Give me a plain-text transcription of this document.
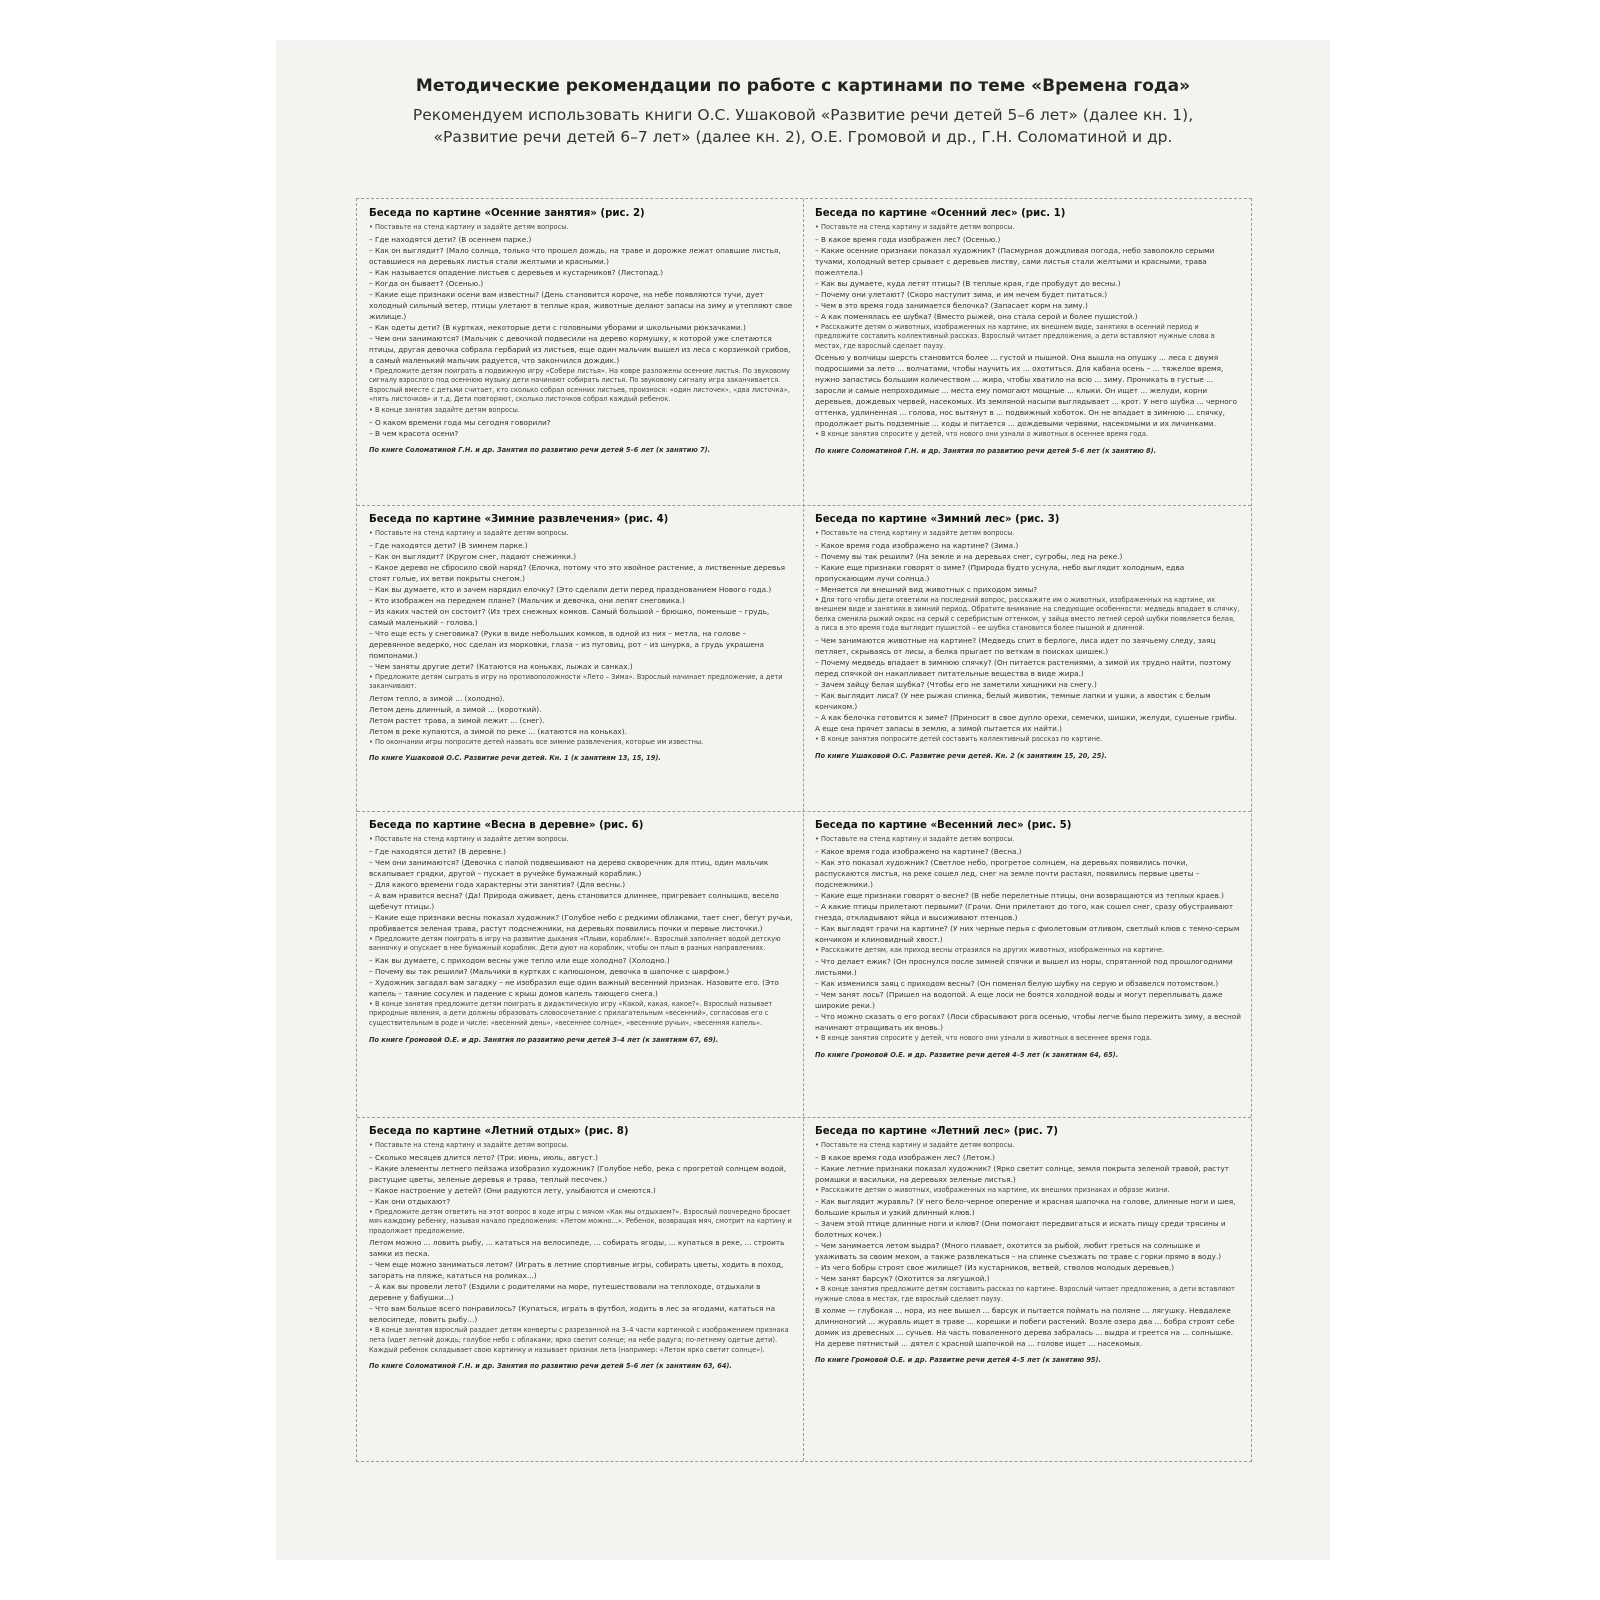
Методические рекомендации по работе с картинами по теме «Времена года»
Рекомендуем использовать книги О.С. Ушаковой «Развитие речи детей 5–6 лет» (далее кн. 1),
«Развитие речи детей 6–7 лет» (далее кн. 2), О.Е. Громовой и др., Г.Н. Соломатиной и др.
Беседа по картине «Осенние занятия» (рис. 2)

• Поставьте на стенд картину и задайте детям вопросы.

– Где находятся дети? (В осеннем парке.)

– Как он выглядит? (Мало солнца, только что прошел дождь, на траве и дорожке лежат опавшие листья, оставшиеся на деревьях листья стали желтыми и красными.)

– Как называется опадение листьев с деревьев и кустарников? (Листопад.)

– Когда он бывает? (Осенью.)

– Какие еще признаки осени вам известны? (День становится короче, на небе появляются тучи, дует холодный сильный ветер, птицы улетают в теплые края, животные делают запасы на зиму и утепляют свое жилище.)

– Как одеты дети? (В куртках, некоторые дети с головными уборами и школьными рюкзачками.)

– Чем они занимаются? (Мальчик с девочкой подвесили на дерево кормушку, к которой уже слетаются птицы, другая девочка собрала гербарий из листьев, еще один мальчик вышел из леса с корзинкой грибов, а самый маленький мальчик радуется, что закончился дождик.)

• Предложите детям поиграть в подвижную игру «Собери листья». На ковре разложены осенние листья. По звуковому сигналу взрослого под осеннюю музыку дети начинают собирать листья. По звуковому сигналу игра заканчивается. Взрослый вместе с детьми считает, кто сколько собрал осенних листьев, произнося: «один листочек», «два листочка», «пять листочков» и т.д. Дети повторяют, сколько листочков собрал каждый ребенок.

• В конце занятия задайте детям вопросы.

– О каком времени года мы сегодня говорили?

– В чем красота осени?

По книге Соломатиной Г.Н. и др. Занятия по развитию речи детей 5–6 лет (к занятию 7).

Беседа по картине «Осенний лес» (рис. 1)

• Поставьте на стенд картину и задайте детям вопросы.

– В какое время года изображен лес? (Осенью.)

– Какие осенние признаки показал художник? (Пасмурная дождливая погода, небо заволокло серыми тучами, холодный ветер срывает с деревьев листву, сами листья стали желтыми и красными, трава пожелтела.)

– Как вы думаете, куда летят птицы? (В теплые края, где пробудут до весны.)

– Почему они улетают? (Скоро наступит зима, и им нечем будет питаться.)

– Чем в это время года занимается белочка? (Запасает корм на зиму.)

– А как поменялась ее шубка? (Вместо рыжей, она стала серой и более пушистой.)

• Расскажите детям о животных, изображенных на картине, их внешнем виде, занятиях в осенний период и предложите составить коллективный рассказ. Взрослый читает предложения, а дети вставляют нужные слова в местах, где взрослый сделает паузу.

Осенью у волчицы шерсть становится более ... густой и пышной. Она вышла на опушку ... леса с двумя подросшими за лето ... волчатами, чтобы научить их ... охотиться. Для кабана осень – ... тяжелое время, нужно запастись большим количеством ... жира, чтобы хватило на всю ... зиму. Проникать в густые ... заросли и самые непроходимые ... места ему помогают мощные ... клыки. Он ищет ... желуди, корни деревьев, дождевых червей, насекомых. Из земляной насыпи выглядывает ... крот. У него шубка ... черного оттенка, удлиненная ... голова, нос вытянут в ... подвижный хоботок. Он не впадает в зимнюю ... спячку, продолжает рыть подземные ... ходы и питается ... дождевыми червями, насекомыми и их личинками.

• В конце занятия спросите у детей, что нового они узнали о животных в осеннее время года.

По книге Соломатиной Г.Н. и др. Занятия по развитию речи детей 5–6 лет (к занятию 8).

Беседа по картине «Зимние развлечения» (рис. 4)

• Поставьте на стенд картину и задайте детям вопросы.

– Где находятся дети? (В зимнем парке.)

– Как он выглядит? (Кругом снег, падают снежинки.)

– Какое дерево не сбросило свой наряд? (Елочка, потому что это хвойное растение, а лиственные деревья стоят голые, их ветви покрыты снегом.)

– Как вы думаете, кто и зачем нарядил елочку? (Это сделали дети перед празднованием Нового года.)

– Кто изображен на переднем плане? (Мальчик и девочка, они лепят снеговика.)

– Из каких частей он состоит? (Из трех снежных комков. Самый большой – брюшко, поменьше – грудь, самый маленький – голова.)

– Что еще есть у снеговика? (Руки в виде небольших комков, в одной из них – метла, на голове – деревянное ведерко, нос сделан из морковки, глаза – из пуговиц, рот – из шнурка, а грудь украшена помпонами.)

– Чем заняты другие дети? (Катаются на коньках, лыжах и санках.)

• Предложите детям сыграть в игру на противоположности «Лето – Зима». Взрослый начинает предложение, а дети заканчивают.

Летом тепло, а зимой ... (холодно).

Летом день длинный, а зимой ... (короткий).

Летом растет трава, а зимой лежит ... (снег).

Летом в реке купаются, а зимой по реке ... (катаются на коньках).

• По окончании игры попросите детей назвать все зимние развлечения, которые им известны.

По книге Ушаковой О.С. Развитие речи детей. Кн. 1 (к занятиям 13, 15, 19).

Беседа по картине «Зимний лес» (рис. 3)

• Поставьте на стенд картину и задайте детям вопросы.

– Какое время года изображено на картине? (Зима.)

– Почему вы так решили? (На земле и на деревьях снег, сугробы, лед на реке.)

– Какие еще признаки говорят о зиме? (Природа будто уснула, небо выглядит холодным, едва пропускающим лучи солнца.)

– Меняется ли внешний вид животных с приходом зимы?

• Для того чтобы дети ответили на последний вопрос, расскажите им о животных, изображенных на картине, их внешнем виде и занятиях в зимний период. Обратите внимание на следующие особенности: медведь впадает в спячку, белка сменила рыжий окрас на серый с серебристым оттенком, у зайца вместо летней серой шубки появляется белая, а лиса в это время года выглядит пушистой – ее шубка становится более пышной и длинной.

– Чем занимаются животные на картине? (Медведь спит в берлоге, лиса идет по заячьему следу, заяц петляет, скрываясь от лисы, а белка прыгает по веткам в поисках шишек.)

– Почему медведь впадает в зимнюю спячку? (Он питается растениями, а зимой их трудно найти, поэтому перед спячкой он накапливает питательные вещества в виде жира.)

– Зачем зайцу белая шубка? (Чтобы его не заметили хищники на снегу.)

– Как выглядит лиса? (У нее рыжая спинка, белый животик, темные лапки и ушки, а хвостик с белым кончиком.)

– А как белочка готовится к зиме? (Приносит в свое дупло орехи, семечки, шишки, желуди, сушеные грибы. А еще она прячет запасы в землю, а зимой пытается их найти.)

• В конце занятия попросите детей составить коллективный рассказ по картине.

По книге Ушаковой О.С. Развитие речи детей. Кн. 2 (к занятиям 15, 20, 25).

Беседа по картине «Весна в деревне» (рис. 6)

• Поставьте на стенд картину и задайте детям вопросы.

– Где находятся дети? (В деревне.)

– Чем они занимаются? (Девочка с папой подвешивают на дерево скворечник для птиц, один мальчик вскапывает грядки, другой – пускает в ручейке бумажный кораблик.)

– Для какого времени года характерны эти занятия? (Для весны.)

– А вам нравится весна? (Да! Природа оживает, день становится длиннее, пригревает солнышко, весело щебечут птицы.)

– Какие еще признаки весны показал художник? (Голубое небо с редкими облаками, тает снег, бегут ручьи, пробивается зеленая трава, растут подснежники, на деревьях появились почки и первые листочки.)

• Предложите детям поиграть в игру на развитие дыхания «Плыви, кораблик!». Взрослый заполняет водой детскую ванночку и опускает в нее бумажный кораблик. Дети дуют на кораблик, чтобы он плыл в разных направлениях.

– Как вы думаете, с приходом весны уже тепло или еще холодно? (Холодно.)

– Почему вы так решили? (Мальчики в куртках с капюшоном, девочка в шапочке с шарфом.)

– Художник загадал вам загадку – не изобразил еще один важный весенний признак. Назовите его. (Это капель – таяние сосулек и падение с крыш домов капель тающего снега.)

• В конце занятия предложите детям поиграть в дидактическую игру «Какой, какая, какое?». Взрослый называет природные явления, а дети должны образовать словосочетание с прилагательным «весенний», согласовав его с существительным в роде и числе: «весенний день», «весеннее солнце», «весенние ручьи», «весенняя капель».

По книге Громовой О.Е. и др. Занятия по развитию речи детей 3–4 лет (к занятиям 67, 69).

Беседа по картине «Весенний лес» (рис. 5)

• Поставьте на стенд картину и задайте детям вопросы.

– Какое время года изображено на картине? (Весна.)

– Как это показал художник? (Светлое небо, прогретое солнцем, на деревьях появились почки, распускаются листья, на реке сошел лед, снег на земле почти растаял, появились первые цветы – подснежники.)

– Какие еще признаки говорят о весне? (В небе перелетные птицы, они возвращаются из теплых краев.)

– А какие птицы прилетают первыми? (Грачи. Они прилетают до того, как сошел снег, сразу обустраивают гнезда, откладывают яйца и высиживают птенцов.)

– Как выглядят грачи на картине? (У них черные перья с фиолетовым отливом, светлый клюв с темно-серым кончиком и клиновидный хвост.)

• Расскажите детям, как приход весны отразился на других животных, изображенных на картине.

– Что делает ежик? (Он проснулся после зимней спячки и вышел из норы, спрятанной под прошлогодними листьями.)

– Как изменился заяц с приходом весны? (Он поменял белую шубку на серую и обзавелся потомством.)

– Чем занят лось? (Пришел на водопой. А еще лоси не боятся холодной воды и могут переплывать даже широкие реки.)

– Что можно сказать о его рогах? (Лоси сбрасывают рога осенью, чтобы легче было пережить зиму, а весной начинают отращивать их вновь.)

• В конце занятия спросите у детей, что нового они узнали о животных в весеннее время года.

По книге Громовой О.Е. и др. Развитие речи детей 4–5 лет (к занятиям 64, 65).

Беседа по картине «Летний отдых» (рис. 8)

• Поставьте на стенд картину и задайте детям вопросы.

– Сколько месяцев длится лето? (Три: июнь, июль, август.)

– Какие элементы летнего пейзажа изобразил художник? (Голубое небо, река с прогретой солнцем водой, растущие цветы, зеленые деревья и трава, теплый песочек.)

– Какое настроение у детей? (Они радуются лету, улыбаются и смеются.)

– Как они отдыхают?

• Предложите детям ответить на этот вопрос в ходе игры с мячом «Как мы отдыхаем?». Взрослый поочередно бросает мяч каждому ребенку, называя начало предложения: «Летом можно...». Ребенок, возвращая мяч, смотрит на картину и продолжает предложение.

Летом можно ... ловить рыбу, ... кататься на велосипеде, ... собирать ягоды, ... купаться в реке, ... строить замки из песка.

– Чем еще можно заниматься летом? (Играть в летние спортивные игры, собирать цветы, ходить в поход, загорать на пляже, кататься на роликах...)

– А как вы провели лето? (Ездили с родителями на море, путешествовали на теплоходе, отдыхали в деревне у бабушки...)

– Что вам больше всего понравилось? (Купаться, играть в футбол, ходить в лес за ягодами, кататься на велосипеде, ловить рыбу...)

• В конце занятия взрослый раздает детям конверты с разрезанной на 3–4 части картинкой с изображением признака лета (идет летний дождь; голубое небо с облаками; ярко светит солнце; на небе радуга; по-летнему одетые дети). Каждый ребенок складывает свою картинку и называет признак лета (например: «Летом ярко светит солнце»).

По книге Соломатиной Г.Н. и др. Занятия по развитию речи детей 5–6 лет (к занятиям 63, 64).

Беседа по картине «Летний лес» (рис. 7)

• Поставьте на стенд картину и задайте детям вопросы.

– В какое время года изображен лес? (Летом.)

– Какие летние признаки показал художник? (Ярко светит солнце, земля покрыта зеленой травой, растут ромашки и васильки, на деревьях зеленые листья.)

• Расскажите детям о животных, изображенных на картине, их внешних признаках и образе жизни.

– Как выглядит журавль? (У него бело-черное оперение и красная шапочка на голове, длинные ноги и шея, большие крылья и узкий длинный клюв.)

– Зачем этой птице длинные ноги и клюв? (Они помогают передвигаться и искать пищу среди трясины и болотных кочек.)

– Чем занимается летом выдра? (Много плавает, охотится за рыбой, любит греться на солнышке и ухаживать за своим мехом, а также развлекаться – на спинке съезжать по траве с горки прямо в воду.)

– Из чего бобры строят свое жилище? (Из кустарников, ветвей, стволов молодых деревьев.)

– Чем занят барсук? (Охотится за лягушкой.)

• В конце занятия предложите детям составить рассказ по картине. Взрослый читает предложения, а дети вставляют нужные слова в местах, где взрослый сделает паузу.

В холме — глубокая ... нора, из нее вышел ... барсук и пытается поймать на поляне ... лягушку. Невдалеке длинноногий ... журавль ищет в траве ... корешки и побеги растений. Возле озера два ... бобра строят себе домик из древесных ... сучьев. На часть поваленного дерева забралась ... выдра и греется на ... солнышке. На дереве пятнистый ... дятел с красной шапочкой на ... голове ищет ... насекомых.

По книге Громовой О.Е. и др. Развитие речи детей 4–5 лет (к занятию 95).
